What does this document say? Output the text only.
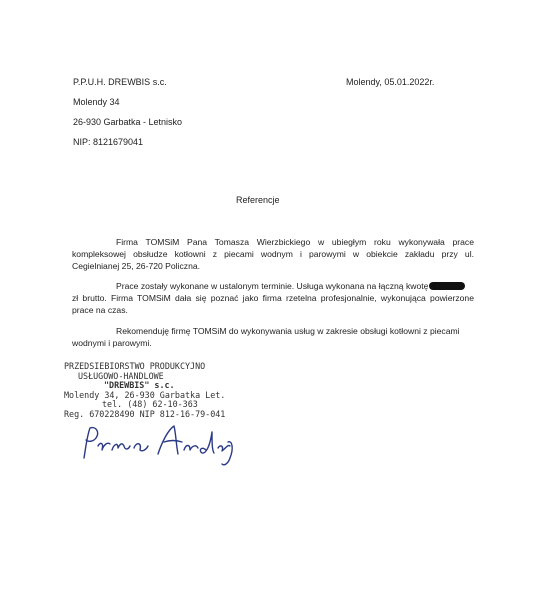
P.P.U.H. DREWBIS s.c.	Molendy, 05.01.2022r.
Molendy 34
26-930 Garbatka - Letnisko
NIP: 8121679041
Referencje
Firma TOMSiM Pana Tomasza Wierzbickiego w ubiegłym roku wykonywała prace
kompleksowej obsłudze kotłowni z piecami wodnym i parowymi w obiekcie zakładu przy ul.
Cegielnianej 25, 26-720 Policzna.
Prace zostały wykonane w ustalonym terminie. Usługa wykonana na łączną kwotę
zł brutto. Firma TOMSiM dała się poznać jako firma rzetelna profesjonalnie, wykonująca powierzone
prace na czas.
Rekomenduję firmę TOMSiM do wykonywania usług w zakresie obsługi kotłowni z piecami
wodnymi i parowymi.
PRZEDSIEBIORSTWO PRODUKCYJNO
USŁUGOWO-HANDLOWE
"DREWBIS" s.c.
Molendy 34, 26-930 Garbatka Let.
tel. (48) 62-10-363
Reg. 670228490 NIP 812-16-79-041
